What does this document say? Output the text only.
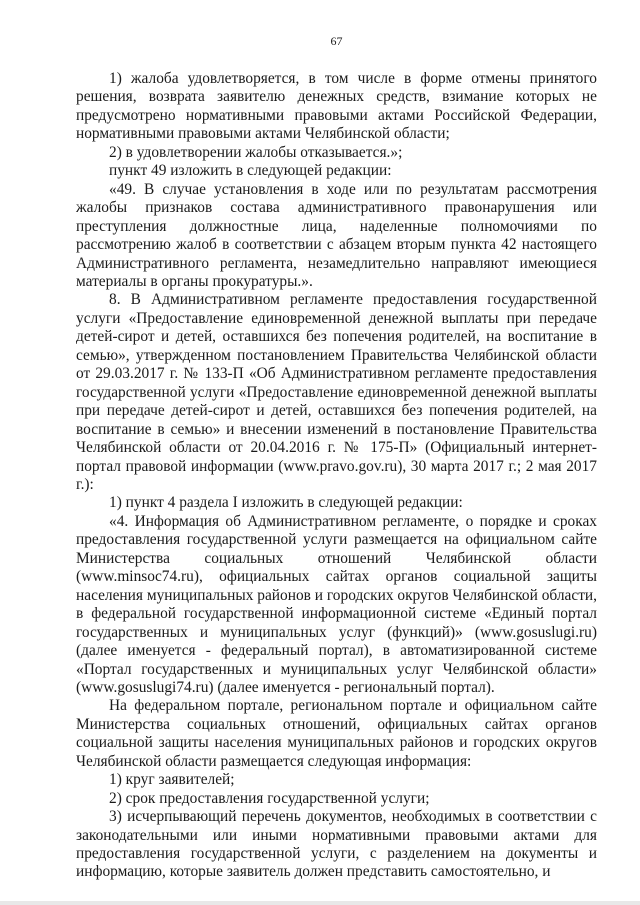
67

1) жалоба удовлетворяется, в том числе в форме отмены принятого решения, возврата заявителю денежных средств, взимание которых не предусмотрено нормативными правовыми актами Российской Федерации, нормативными правовыми актами Челябинской области;

2) в удовлетворении жалобы отказывается.»;

пункт 49 изложить в следующей редакции:

«49. В случае установления в ходе или по результатам рассмотрения жалобы признаков состава административного правонарушения или преступления должностные лица, наделенные полномочиями по рассмотрению жалоб в соответствии с абзацем вторым пункта 42 настоящего Административного регламента, незамедлительно направляют имеющиеся материалы в органы прокуратуры.».

8. В Административном регламенте предоставления государственной услуги «Предоставление единовременной денежной выплаты при передаче детей-сирот и детей, оставшихся без попечения родителей, на воспитание в семью», утвержденном постановлением Правительства Челябинской области от 29.03.2017 г. № 133-П «Об Административном регламенте предоставления государственной услуги «Предоставление единовременной денежной выплаты при передаче детей-сирот и детей, оставшихся без попечения родителей, на воспитание в семью» и внесении изменений в постановление Правительства Челябинской области от 20.04.2016 г. № 175-П» (Официальный интернет-портал правовой информации (www.pravo.gov.ru), 30 марта 2017 г.; 2 мая 2017 г.):

1) пункт 4 раздела I изложить в следующей редакции:

«4. Информация об Административном регламенте, о порядке и сроках предоставления государственной услуги размещается на официальном сайте Министерства социальных отношений Челябинской области (www.minsoc74.ru), официальных сайтах органов социальной защиты населения муниципальных районов и городских округов Челябинской области, в федеральной государственной информационной системе «Единый портал государственных и муниципальных услуг (функций)» (www.gosuslugi.ru) (далее именуется - федеральный портал), в автоматизированной системе «Портал государственных и муниципальных услуг Челябинской области» (www.gosuslugi74.ru) (далее именуется - региональный портал).

На федеральном портале, региональном портале и официальном сайте Министерства социальных отношений, официальных сайтах органов социальной защиты населения муниципальных районов и городских округов Челябинской области размещается следующая информация:

1) круг заявителей;

2) срок предоставления государственной услуги;

3) исчерпывающий перечень документов, необходимых в соответствии с законодательными или иными нормативными правовыми актами для предоставления государственной услуги, с разделением на документы и информацию, которые заявитель должен представить самостоятельно, и
